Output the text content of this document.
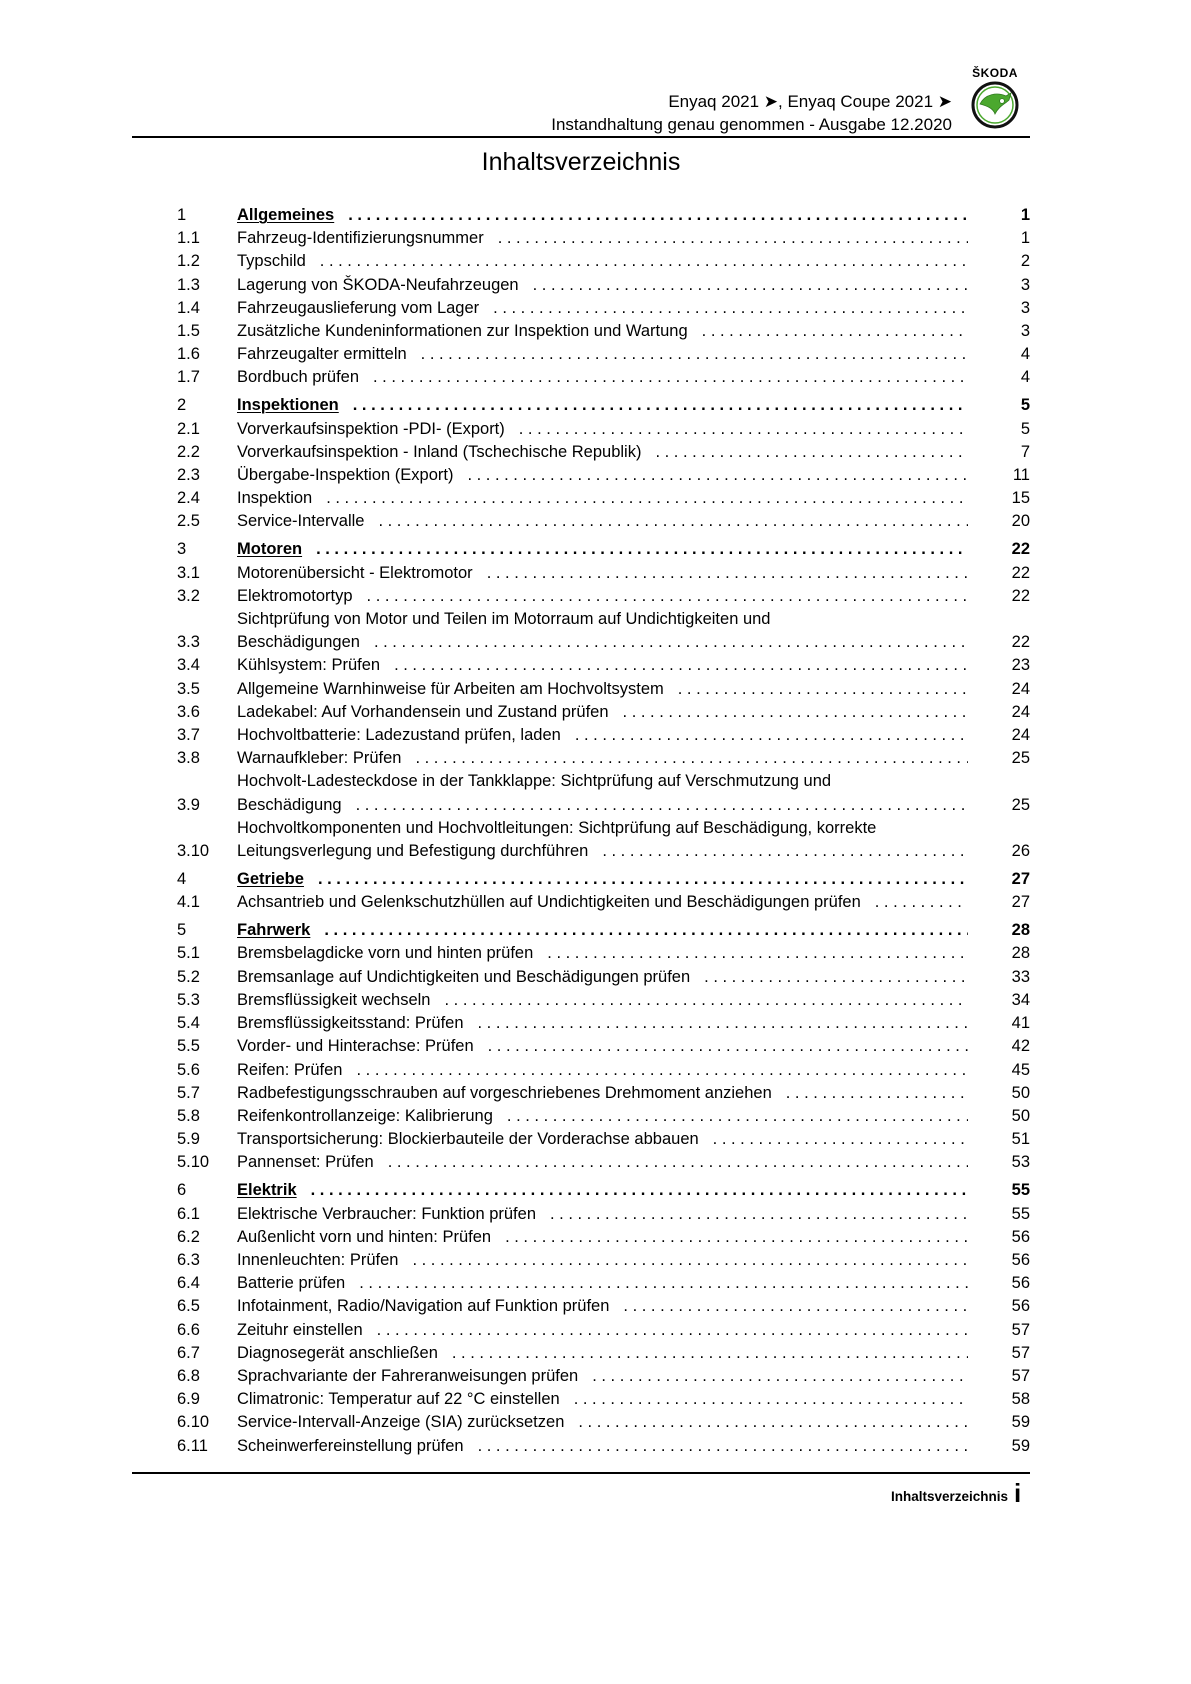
Enyaq 2021 ➤, Enyaq Coupe 2021 ➤
Instandhaltung genau genommen - Ausgabe 12.2020
ŠKODA
Inhaltsverzeichnis
1	Allgemeines . . .	1
1.1	Fahrzeug-Identifizierungsnummer . . .	1
1.2	Typschild . . .	2
1.3	Lagerung von ŠKODA-Neufahrzeugen . . .	3
1.4	Fahrzeugauslieferung vom Lager . . .	3
1.5	Zusätzliche Kundeninformationen zur Inspektion und Wartung . . .	3
1.6	Fahrzeugalter ermitteln . . .	4
1.7	Bordbuch prüfen . . .	4
2	Inspektionen . . .	5
2.1	Vorverkaufsinspektion -PDI- (Export) . . .	5
2.2	Vorverkaufsinspektion - Inland (Tschechische Republik) . . .	7
2.3	Übergabe-Inspektion (Export) . . .	11
2.4	Inspektion . . .	15
2.5	Service-Intervalle . . .	20
3	Motoren . . .	22
3.1	Motorenübersicht - Elektromotor . . .	22
3.2	Elektromotortyp . . .	22
3.3
Sichtprüfung von Motor und Teilen im Motorraum auf Undichtigkeiten und
Beschädigungen . . .	22
3.4	Kühlsystem: Prüfen . . .	23
3.5	Allgemeine Warnhinweise für Arbeiten am Hochvoltsystem . . .	24
3.6	Ladekabel: Auf Vorhandensein und Zustand prüfen . . .	24
3.7	Hochvoltbatterie: Ladezustand prüfen, laden . . .	24
3.8	Warnaufkleber: Prüfen . . .	25
3.9
Hochvolt-Ladesteckdose in der Tankklappe: Sichtprüfung auf Verschmutzung und
Beschädigung . . .	25
3.10
Hochvoltkomponenten und Hochvoltleitungen: Sichtprüfung auf Beschädigung, korrekte
Leitungsverlegung und Befestigung durchführen . . .	26
4	Getriebe . . .	27
4.1	Achsantrieb und Gelenkschutzhüllen auf Undichtigkeiten und Beschädigungen prüfen . . .	27
5	Fahrwerk . . .	28
5.1	Bremsbelagdicke vorn und hinten prüfen . . .	28
5.2	Bremsanlage auf Undichtigkeiten und Beschädigungen prüfen . . .	33
5.3	Bremsflüssigkeit wechseln . . .	34
5.4	Bremsflüssigkeitsstand: Prüfen . . .	41
5.5	Vorder- und Hinterachse: Prüfen . . .	42
5.6	Reifen: Prüfen . . .	45
5.7	Radbefestigungsschrauben auf vorgeschriebenes Drehmoment anziehen . . .	50
5.8	Reifenkontrollanzeige: Kalibrierung . . .	50
5.9	Transportsicherung: Blockierbauteile der Vorderachse abbauen . . .	51
5.10	Pannenset: Prüfen . . .	53
6	Elektrik . . .	55
6.1	Elektrische Verbraucher: Funktion prüfen . . .	55
6.2	Außenlicht vorn und hinten: Prüfen . . .	56
6.3	Innenleuchten: Prüfen . . .	56
6.4	Batterie prüfen . . .	56
6.5	Infotainment, Radio/Navigation auf Funktion prüfen . . .	56
6.6	Zeituhr einstellen . . .	57
6.7	Diagnosegerät anschließen . . .	57
6.8	Sprachvariante der Fahreranweisungen prüfen . . .	57
6.9	Climatronic: Temperatur auf 22 °C einstellen . . .	58
6.10	Service-Intervall-Anzeige (SIA) zurücksetzen . . .	59
6.11	Scheinwerfereinstellung prüfen . . .	59
Inhaltsverzeichnis i
